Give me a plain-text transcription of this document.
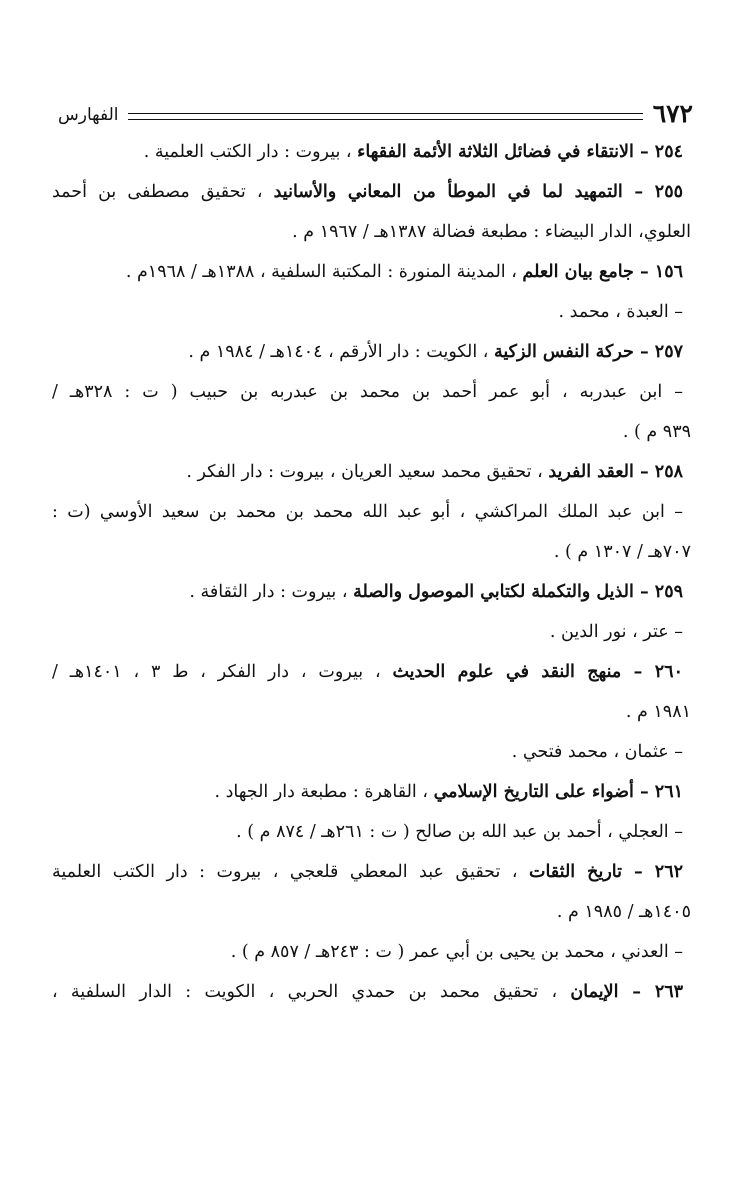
٦٧٢
الفهارس
٢٥٤ – الانتقاء في فضائل الثلاثة الأئمة الفقهاء ، بيروت : دار الكتب العلمية .
٢٥٥ – التمهيد لما في الموطأ من المعاني والأسانيد ، تحقيق مصطفى بن أحمد
العلوي، الدار البيضاء : مطبعة فضالة ١٣٨٧هـ / ١٩٦٧ م .
١٥٦ – جامع بيان العلم ، المدينة المنورة : المكتبة السلفية ، ١٣٨٨هـ / ١٩٦٨م .
– العبدة ، محمد .
٢٥٧ – حركة النفس الزكية ، الكويت : دار الأرقم ، ١٤٠٤هـ / ١٩٨٤ م .
– ابن عبدربه ، أبو عمر أحمد بن محمد بن عبدربه بن حبيب ( ت : ٣٢٨هـ /
٩٣٩ م ) .
٢٥٨ – العقد الفريد ، تحقيق محمد سعيد العريان ، بيروت : دار الفكر .
– ابن عبد الملك المراكشي ، أبو عبد الله محمد بن محمد بن سعيد الأوسي (ت :
٧٠٧هـ / ١٣٠٧ م ) .
٢٥٩ – الذيل والتكملة لكتابي الموصول والصلة ، بيروت : دار الثقافة .
– عتر ، نور الدين .
٢٦٠ – منهج النقد في علوم الحديث ، بيروت ، دار الفكر ، ط ٣ ، ١٤٠١هـ /
١٩٨١ م .
– عثمان ، محمد فتحي .
٢٦١ – أضواء على التاريخ الإسلامي ، القاهرة : مطبعة دار الجهاد .
– العجلي ، أحمد بن عبد الله بن صالح ( ت : ٢٦١هـ / ٨٧٤ م ) .
٢٦٢ – تاريخ الثقات ، تحقيق عبد المعطي قلعجي ، بيروت : دار الكتب العلمية
١٤٠٥هـ / ١٩٨٥ م .
– العدني ، محمد بن يحيى بن أبي عمر ( ت : ٢٤٣هـ / ٨٥٧ م ) .
٢٦٣ – الإيمان ، تحقيق محمد بن حمدي الحربي ، الكويت : الدار السلفية ،
